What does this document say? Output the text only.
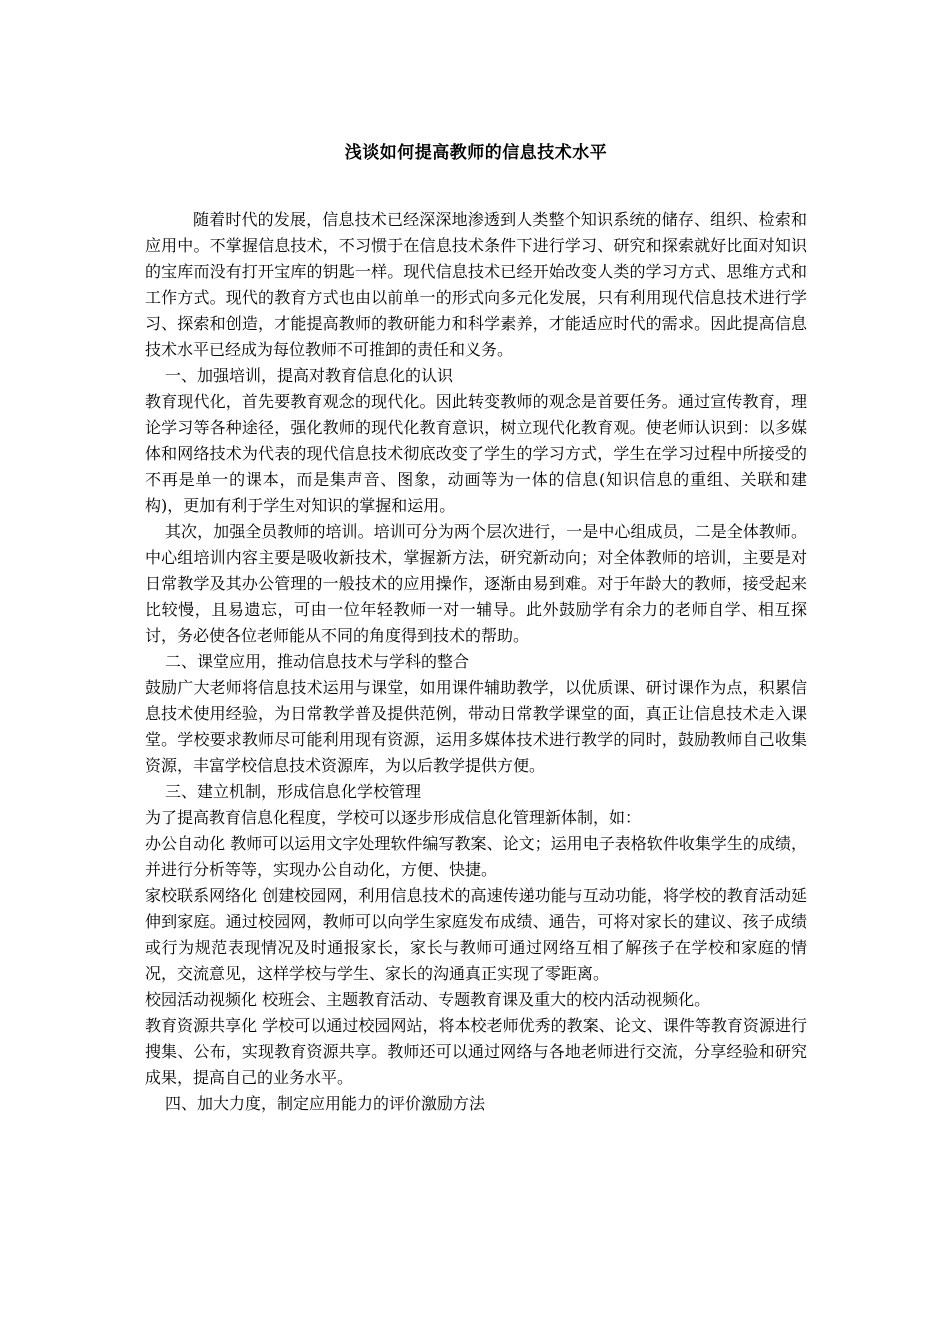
浅谈如何提高教师的信息技术水平

随着时代的发展，信息技术已经深深地渗透到人类整个知识系统的储存、组织、检索和应用中。不掌握信息技术，不习惯于在信息技术条件下进行学习、研究和探索就好比面对知识的宝库而没有打开宝库的钥匙一样。现代信息技术已经开始改变人类的学习方式、思维方式和工作方式。现代的教育方式也由以前单一的形式向多元化发展，只有利用现代信息技术进行学习、探索和创造，才能提高教师的教研能力和科学素养，才能适应时代的需求。因此提高信息技术水平已经成为每位教师不可推卸的责任和义务。

一、加强培训，提高对教育信息化的认识

教育现代化，首先要教育观念的现代化。因此转变教师的观念是首要任务。通过宣传教育，理论学习等各种途径，强化教师的现代化教育意识，树立现代化教育观。使老师认识到：以多媒体和网络技术为代表的现代信息技术彻底改变了学生的学习方式，学生在学习过程中所接受的不再是单一的课本，而是集声音、图象，动画等为一体的信息(知识信息的重组、关联和建构)，更加有利于学生对知识的掌握和运用。

其次，加强全员教师的培训。培训可分为两个层次进行，一是中心组成员，二是全体教师。中心组培训内容主要是吸收新技术，掌握新方法，研究新动向；对全体教师的培训，主要是对日常教学及其办公管理的一般技术的应用操作，逐渐由易到难。对于年龄大的教师，接受起来比较慢，且易遗忘，可由一位年轻教师一对一辅导。此外鼓励学有余力的老师自学、相互探讨，务必使各位老师能从不同的角度得到技术的帮助。

二、课堂应用，推动信息技术与学科的整合

鼓励广大老师将信息技术运用与课堂，如用课件辅助教学，以优质课、研讨课作为点，积累信息技术使用经验，为日常教学普及提供范例，带动日常教学课堂的面，真正让信息技术走入课堂。学校要求教师尽可能利用现有资源，运用多媒体技术进行教学的同时，鼓励教师自己收集资源，丰富学校信息技术资源库，为以后教学提供方便。

三、建立机制，形成信息化学校管理

为了提高教育信息化程度，学校可以逐步形成信息化管理新体制，如：

办公自动化 教师可以运用文字处理软件编写教案、论文；运用电子表格软件收集学生的成绩，并进行分析等等，实现办公自动化，方便、快捷。

家校联系网络化 创建校园网，利用信息技术的高速传递功能与互动功能，将学校的教育活动延伸到家庭。通过校园网，教师可以向学生家庭发布成绩、通告，可将对家长的建议、孩子成绩或行为规范表现情况及时通报家长，家长与教师可通过网络互相了解孩子在学校和家庭的情况，交流意见，这样学校与学生、家长的沟通真正实现了零距离。

校园活动视频化 校班会、主题教育活动、专题教育课及重大的校内活动视频化。

教育资源共享化 学校可以通过校园网站，将本校老师优秀的教案、论文、课件等教育资源进行搜集、公布，实现教育资源共享。教师还可以通过网络与各地老师进行交流，分享经验和研究成果，提高自己的业务水平。

四、加大力度，制定应用能力的评价激励方法
